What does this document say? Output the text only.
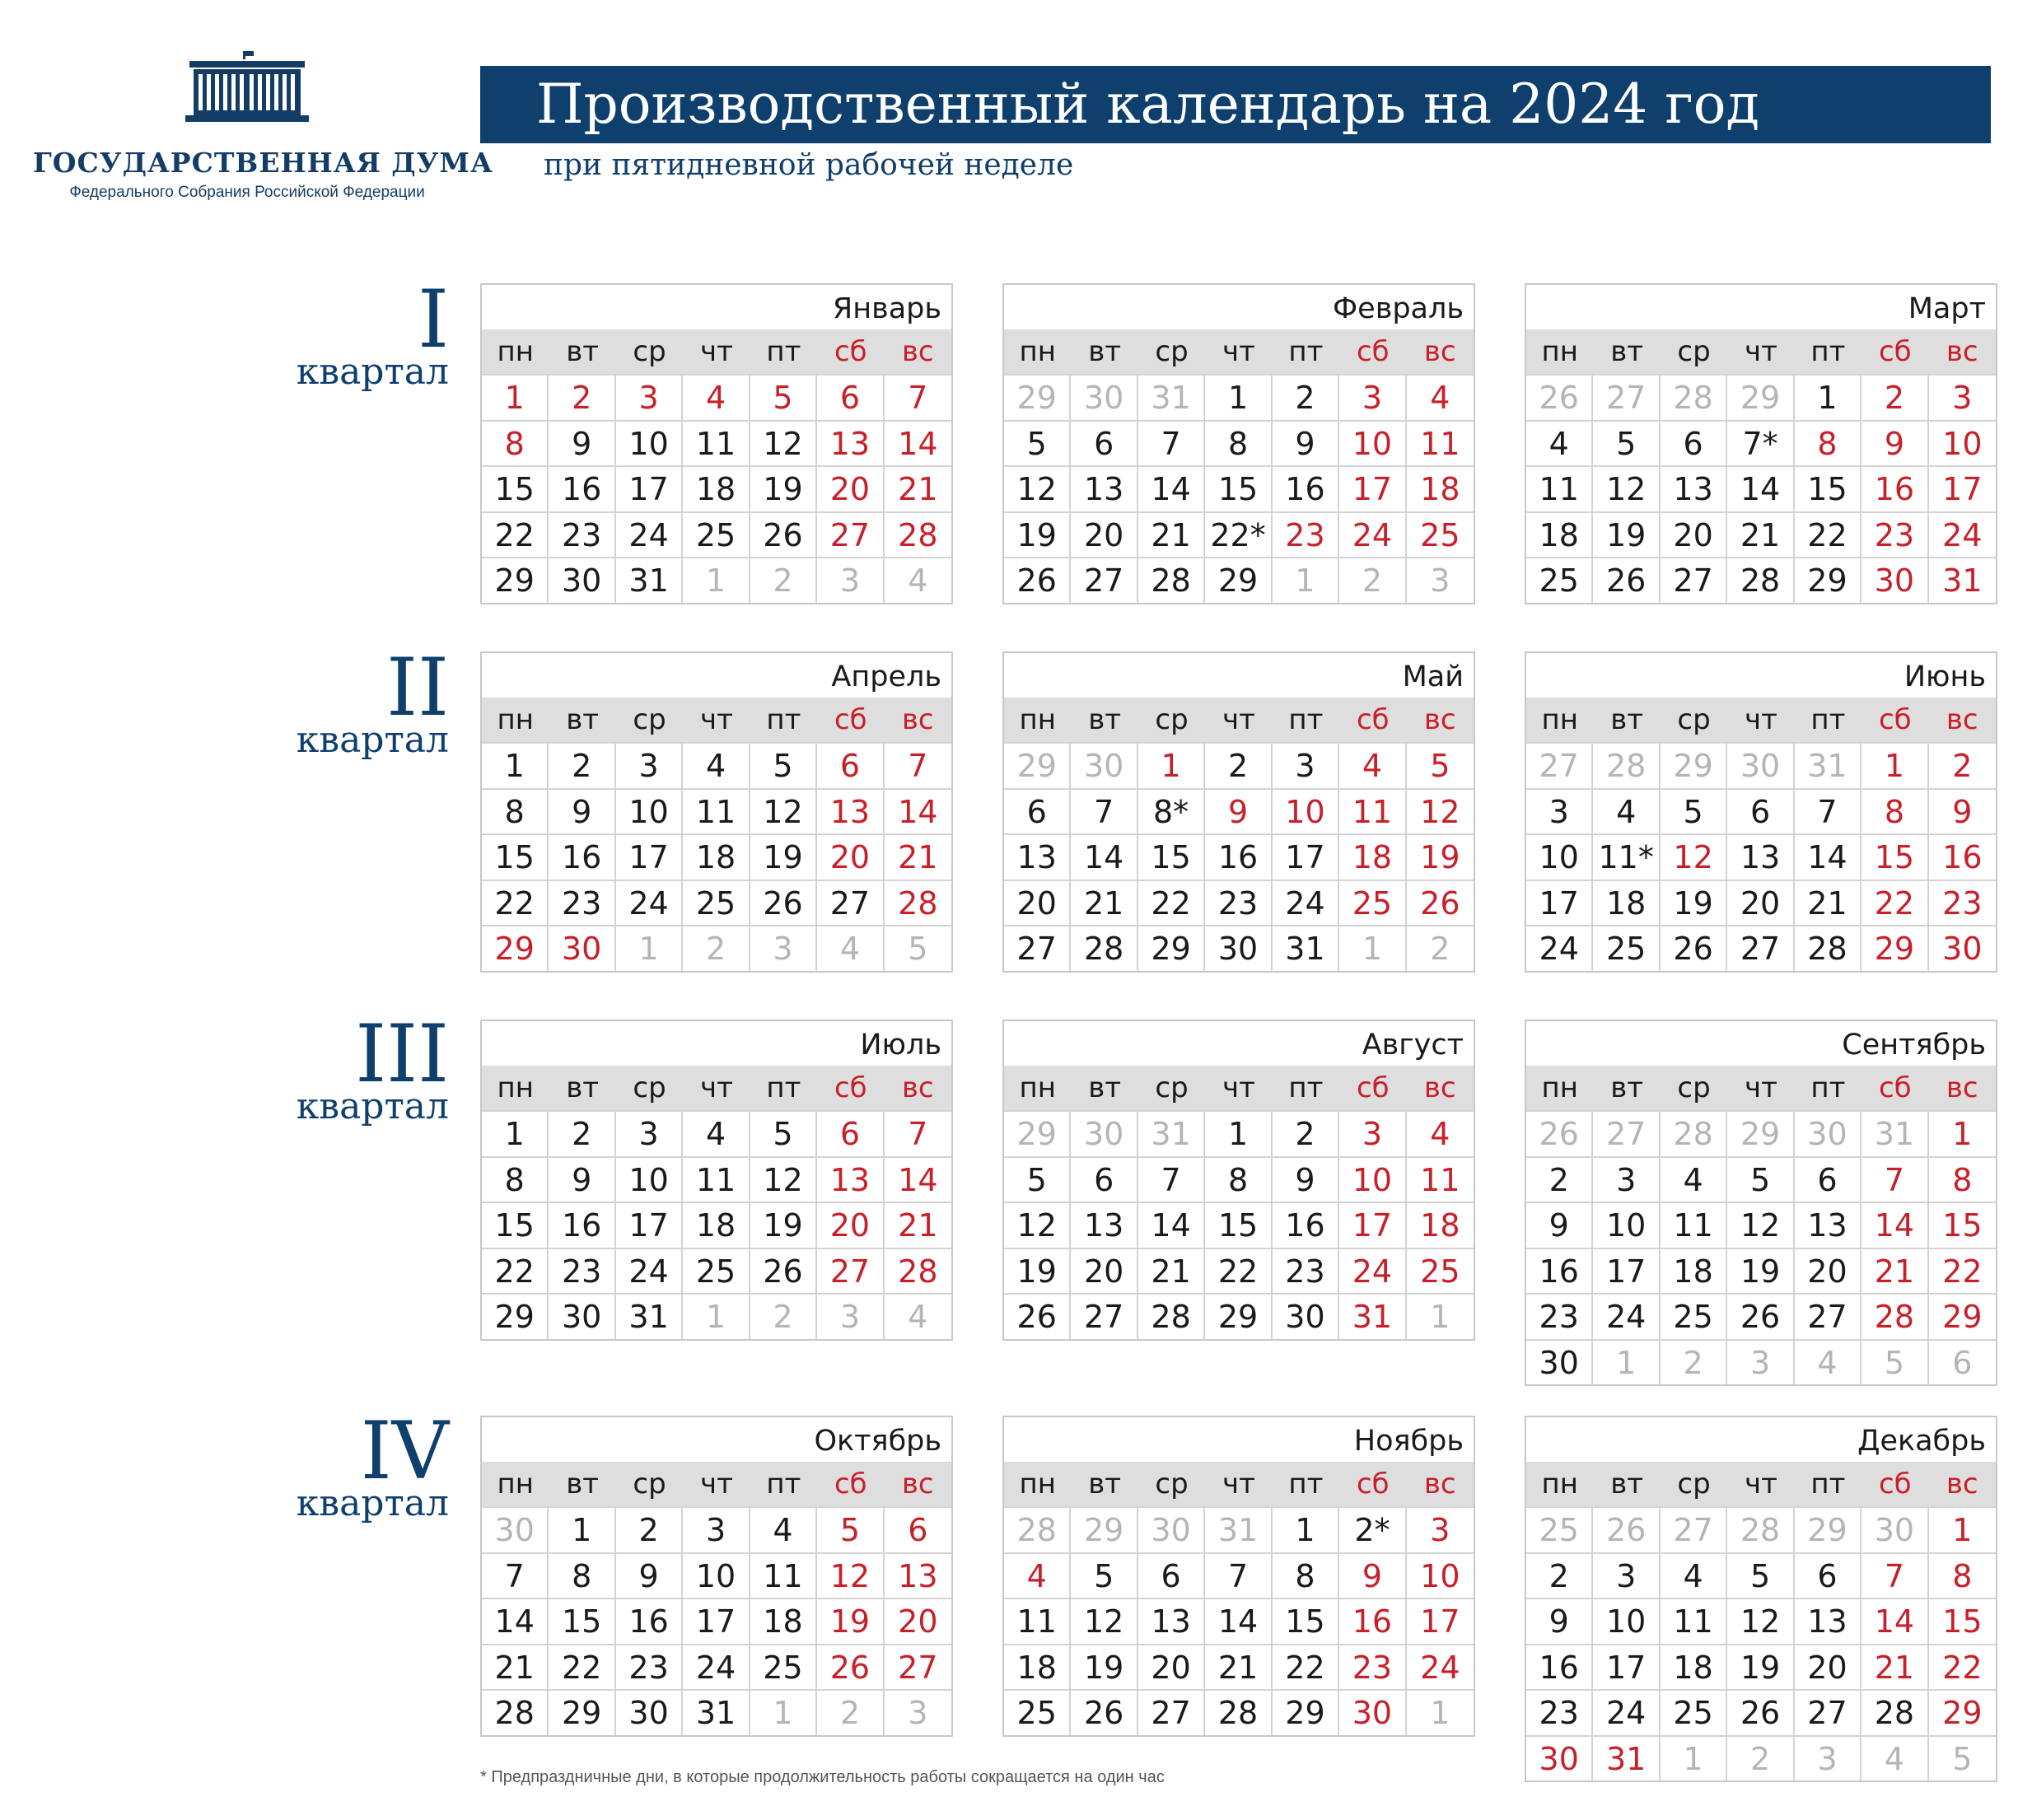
ГОСУДАРСТВЕННАЯ ДУМА
Федерального Собрания Российской Федерации
Производственный календарь на 2024 год
при пятидневной рабочей неделе
I
квартал
II
квартал
III
квартал
IV
квартал
Январь
пн	вт	ср	чт	пт	сб	вс
1	2	3	4	5	6	7
8	9	10 11 12 13 14
15 16 17 18 19 20 21
22 23 24 25 26 27 28
29 30 31	1	2	3	4
Февраль
пн	вт	ср	чт	пт	сб	вс
29 30 31	1	2	3	4
5	6	7	8	9	10 11
12 13 14 15 16 17 18
19 20 21 22* 23 24 25
26 27 28 29	1	2	3
Март
пн	вт	ср	чт	пт	сб	вс
26 27 28 29	1	2	3
4	5	6	7*	8	9	10
11 12 13 14 15 16 17
18 19 20 21 22 23 24
25 26 27 28 29 30 31
Апрель
пн	вт	ср	чт	пт	сб	вс
1	2	3	4	5	6	7
8	9	10 11 12 13 14
15 16 17 18 19 20 21
22 23 24 25 26 27 28
29 30	1	2	3	4	5
Май
пн	вт	ср	чт	пт	сб	вс
29 30	1	2	3	4	5
6	7	8*	9	10 11 12
13 14 15 16 17 18 19
20 21 22 23 24 25 26
27 28 29 30 31	1	2
Июнь
пн	вт	ср	чт	пт	сб	вс
27 28 29 30 31	1	2
3	4	5	6	7	8	9
10 11* 12 13 14 15 16
17 18 19 20 21 22 23
24 25 26 27 28 29 30
Июль
пн	вт	ср	чт	пт	сб	вс
1	2	3	4	5	6	7
8	9	10 11 12 13 14
15 16 17 18 19 20 21
22 23 24 25 26 27 28
29 30 31	1	2	3	4
Август
пн	вт	ср	чт	пт	сб	вс
29 30 31	1	2	3	4
5	6	7	8	9	10 11
12 13 14 15 16 17 18
19 20 21 22 23 24 25
26 27 28 29 30 31	1
Сентябрь
пн	вт	ср	чт	пт	сб	вс
26 27 28 29 30 31	1
2	3	4	5	6	7	8
9	10 11 12 13 14 15
16 17 18 19 20 21 22
23 24 25 26 27 28 29
30	1	2	3	4	5	6
Октябрь
пн	вт	ср	чт	пт	сб	вс
30	1	2	3	4	5	6
7	8	9	10 11 12 13
14 15 16 17 18 19 20
21 22 23 24 25 26 27
28 29 30 31	1	2	3
Ноябрь
пн	вт	ср	чт	пт	сб	вс
28 29 30 31	1	2*	3
4	5	6	7	8	9	10
11 12 13 14 15 16 17
18 19 20 21 22 23 24
25 26 27 28 29 30	1
Декабрь
пн	вт	ср	чт	пт	сб	вс
25 26 27 28 29 30	1
2	3	4	5	6	7	8
9	10 11 12 13 14 15
16 17 18 19 20 21 22
23 24 25 26 27 28 29
30 31	1	2	3	4	5
* Предпраздничные дни, в которые продолжительность работы сокращается на один час
